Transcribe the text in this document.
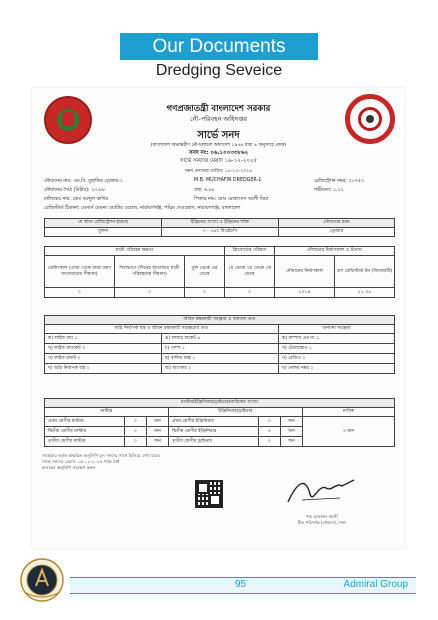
Our Documents
Dredging Seveice
গণপ্রজাতন্ত্রী বাংলাদেশ সরকার
নৌ-পরিবহন অধিদপ্তর
সার্ভে সনদ
(বাংলাদেশ অভ্যন্তরীণ নৌ-চলাচল অধ্যাদেশ ১৯৭৬ ধারা ৯ অনুসারে প্রদত্ত)
সনদ নং: ০৬.১০০৩৩৮৬২
সার্ভে সনদের মেয়াদ ১৬-১২-২০২৫
সনদ প্রদানের তারিখ: ১৮-১২-২০২৪
নৌযানের নাম: এম.বি. মুছাফির ড্রেজার-১	M.B. MUCHAFIR DREDGER-1	রেজিস্ট্রেশন নম্বর: ২০৭৫৩
নৌযানের দৈর্ঘ্য (মিটার): ২৩.৮৮	প্রস্থ: ৬.৮৮	গভীরতা: ১.২২
মালিকের নাম: মোঃ আব্দুল কাদির	পিতার নাম: মোঃ মোকাদেস আলী মিয়া
রেজিস্টার্ড ঠিকানা: মেসার্স মেঘনা ওয়াটার ওয়েজ, নারায়ণগঞ্জ, পদ্মিম দেওভোগ, নারায়ণগঞ্জ, বাংলাদেশ
যে স্থানে রেজিস্ট্রেশন হয়েছে	ইঞ্জিনের সংখ্যা ও ইঞ্জিনের শক্তি	নৌযানের ধরন
খুলনা	৩ - ৫৯০ বিএইচপি	ড্রেজার
যাত্রী পরিবহন ক্ষমতা			ফ্রিবোর্ডের পরিমাণ	নৌযানের নির্মাণকাল ও টনেজ	
ডেকিংকাল (প্রথম থেকে যাত্রা ভ্রমণ যাতায়াতের সীমানা)	দিবাভাগে (দিনের আলোতে যাত্রী পরিবহনের সীমানা)	ফুল ডেকে ওর ডেকে	১ম ডেকে ২য় ডেকে ৩য় ডেকে	নৌযানের নির্মাণকাল	গ্রস রেজিস্টার্ড টন (জিআরটি)
০	০	০	০	২০১৯	২১.৩৫
জীবন রক্ষাকারী সরঞ্জাম ও অন্যান্য তথ্য		
অগ্নি নির্বাপক যন্ত্র ও জীবন রক্ষাকারী সরঞ্জামের তথ্য		অন্যান্য সরঞ্জাম
ক) লাইফ বয়া ১	ঙ) ফায়ার বাকেট ৪	ক) কম্পাস এর নং ১
খ) লাইফ জ্যাকেট ৩	চ) পাম্প ১	খ) টেলেস্কোপ ১
গ) লাইফ রাফট ০	ছ) বালির বাক্স ১	গ) রেডিও ০
ঘ) অগ্নি নির্বাপক যন্ত্র ২	জ) অ্যাংকর ২	ঘ) নোঙ্গর নম্বর ২
মাস্টার/ইঞ্জিনিয়ার/ড্রাইভার/নাবিকের সংখ্যা						
মাস্টার			ইঞ্জিনিয়ার/ড্রাইভার			নাবিক
প্রথম শ্রেণীর মাস্টার	০	জন	প্রথম শ্রেণীর ইঞ্জিনিয়ার	০	জন	৩ জন
দ্বিতীয় শ্রেণীর মাস্টার	০	জন	দ্বিতীয় শ্রেণীর ইঞ্জিনিয়ার	০	জন	
তৃতীয় শ্রেণীর মাস্টার	০	জন	তৃতীয় শ্রেণীর ড্রাইভার	০	জন	
সার্ভেয়ার কর্তৃক স্বাক্ষরিত অনুলিপি মূল সনদের সাথে মিলিয়ে দেখা যাবে।
সার্ভে সনদের মেয়াদ: ১৬-১২-২০২৫ পর্যন্ত বৈধ
চালকের অনুলিপি সংরক্ষণ করুন
শাহ মোহাম্মদ আলী
চীফ পরিদর্শক (নৌযান), ঢাকা
95	Admiral Group
